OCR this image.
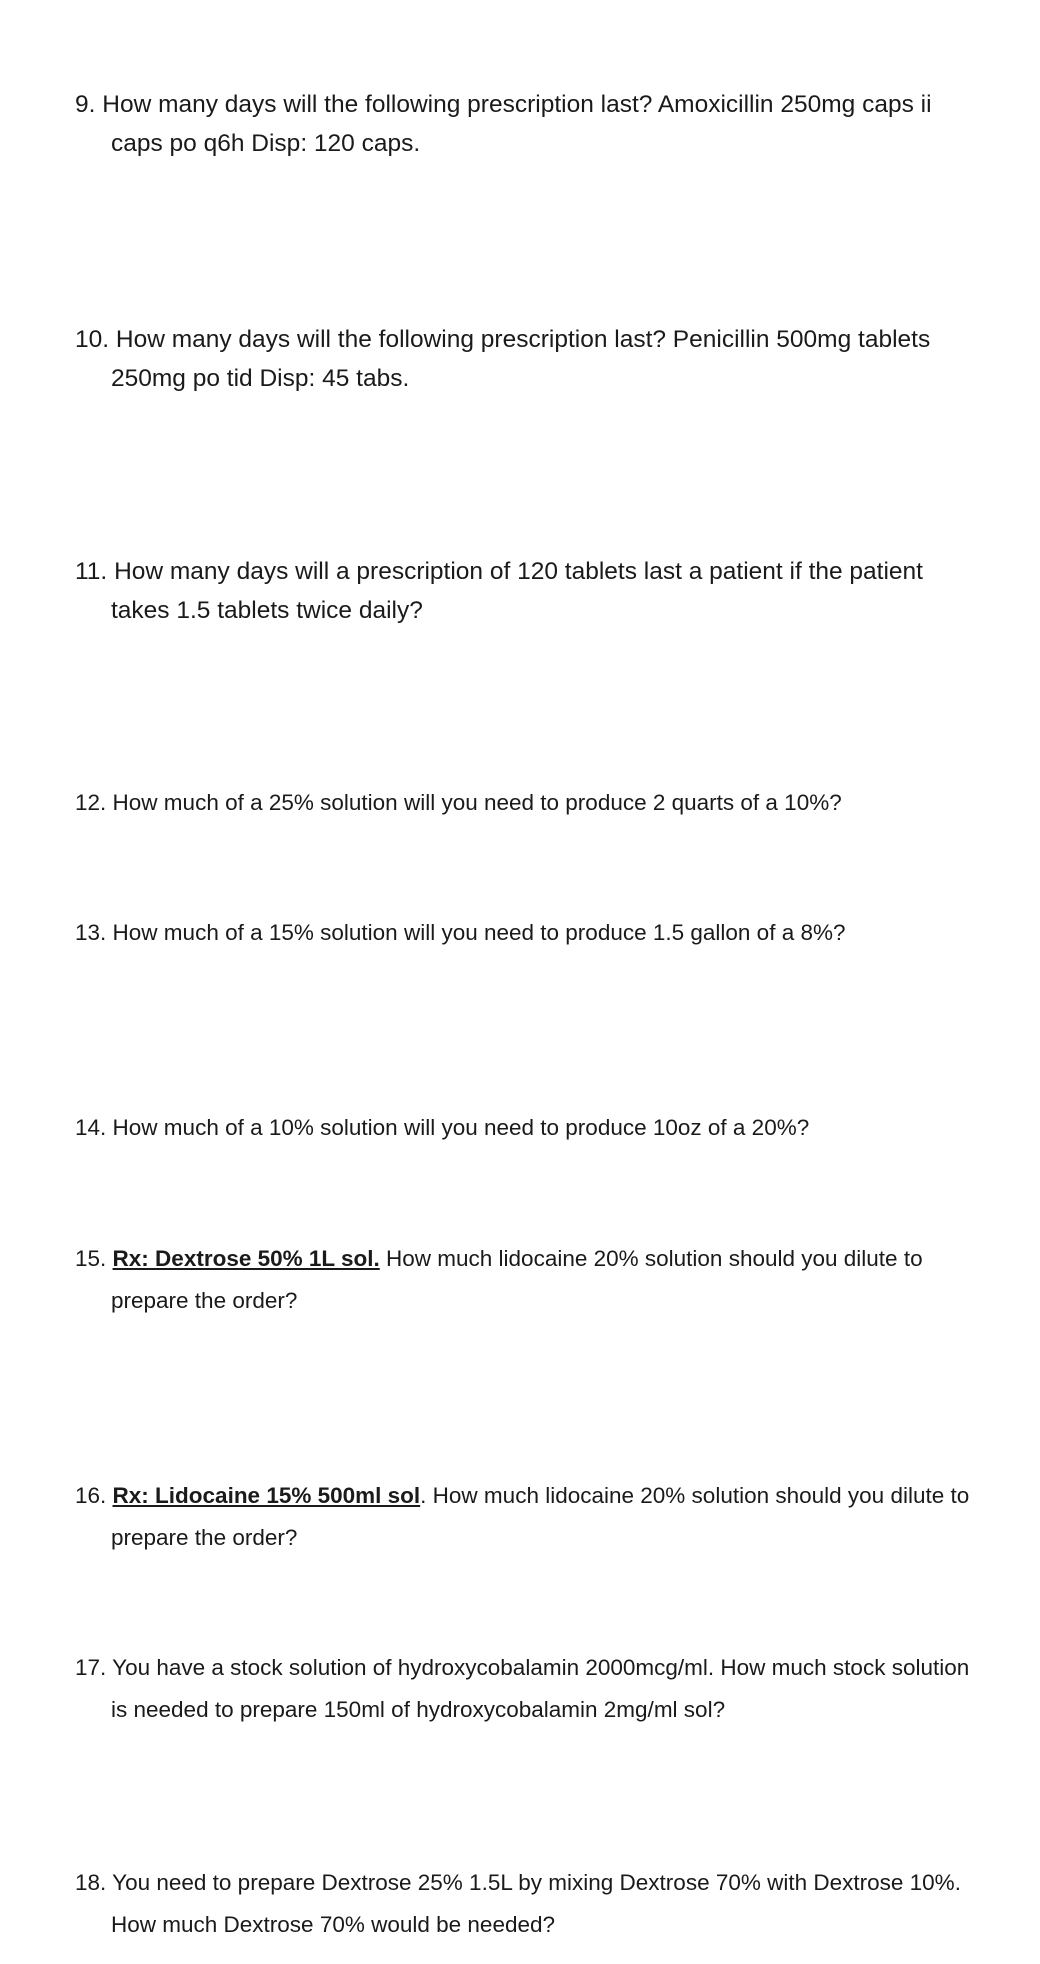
9. How many days will the following prescription last? Amoxicillin 250mg caps ii caps po q6h Disp: 120 caps.

10. How many days will the following prescription last? Penicillin 500mg tablets 250mg po tid Disp: 45 tabs.

11. How many days will a prescription of 120 tablets last a patient if the patient takes 1.5 tablets twice daily?

12. How much of a 25% solution will you need to produce 2 quarts of a 10%?

13. How much of a 15% solution will you need to produce 1.5 gallon of a 8%?

14. How much of a 10% solution will you need to produce 10oz of a 20%?

15. Rx: Dextrose 50% 1L sol. How much lidocaine 20% solution should you dilute to prepare the order?

16. Rx: Lidocaine 15% 500ml sol. How much lidocaine 20% solution should you dilute to prepare the order?

17. You have a stock solution of hydroxycobalamin 2000mcg/ml. How much stock solution is needed to prepare 150ml of hydroxycobalamin 2mg/ml sol?

18. You need to prepare Dextrose 25% 1.5L by mixing Dextrose 70% with Dextrose 10%. How much Dextrose 70% would be needed?
